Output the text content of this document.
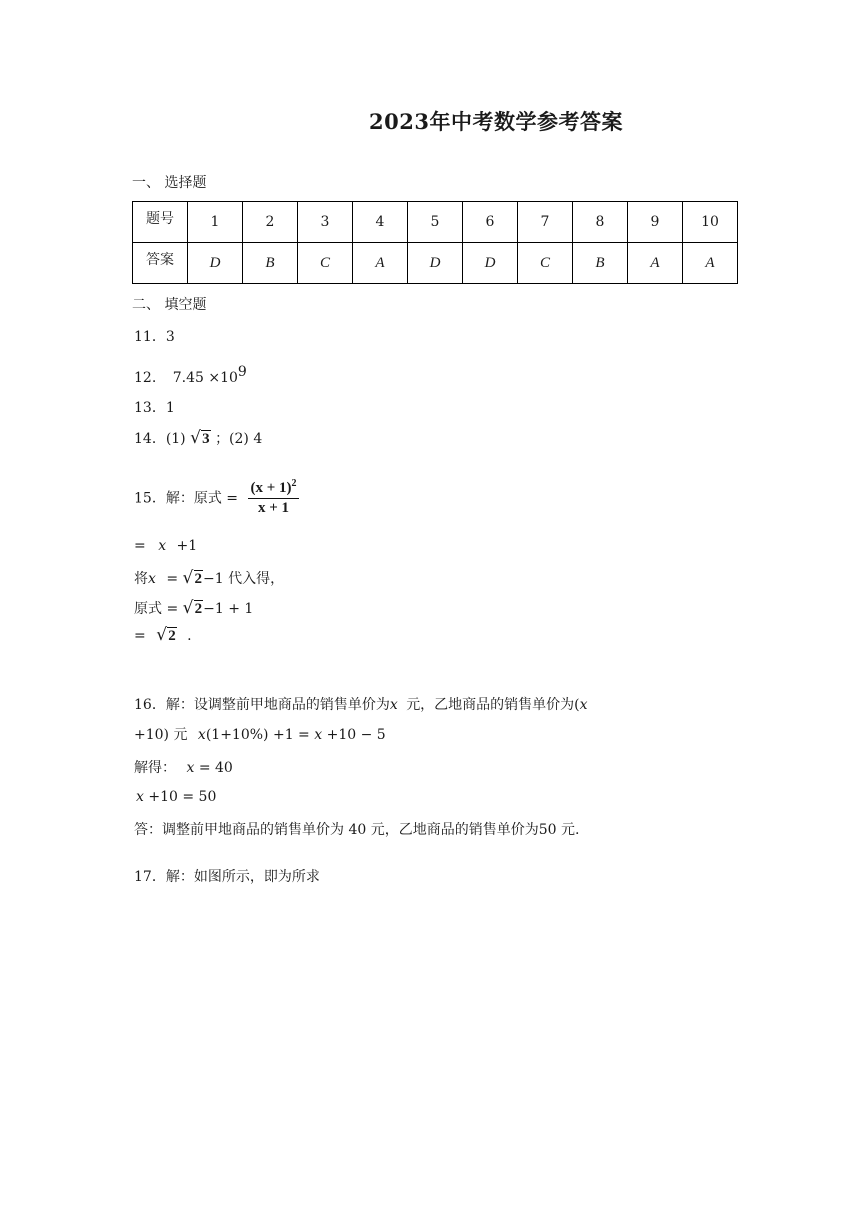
2023年中考数学参考答案
一、 选择题
题号	1	2	3	4	5	6	7	8	9	10
答案	D	B	C	A	D	D	C	B	A	A
二、 填空题
11．3
12. 7.45 ×109
13．1
14．(1) √ 3 ；(2) 4
15．解：原式 = $\frac{(x + 1)^2}{x + 1}$
= x +1
将x = √ 2−1 代入得，
原式 = √ 2−1 + 1
= √ 2 .
16．解：设调整前甲地商品的销售单价为x 元，乙地商品的销售单价为(x
+10) 元 x(1+10%) +1 = x +10 − 5
解得： x = 40
x +10 = 50
答：调整前甲地商品的销售单价为 40 元，乙地商品的销售单价为50 元.
17．解：如图所示，即为所求
